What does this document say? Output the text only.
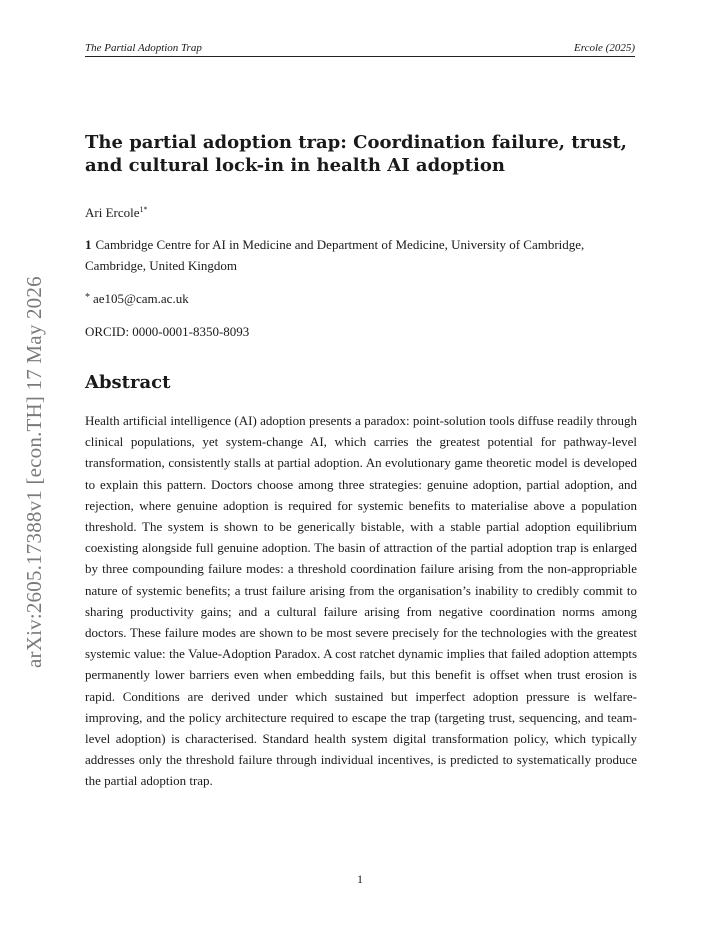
The Partial Adoption Trap	Ercole (2025)
arXiv:2605.17388v1 [econ.TH] 17 May 2026
The partial adoption trap: Coordination failure, trust, and cultural lock-in in health AI adoption
Ari Ercole$^{1*}$
1 Cambridge Centre for AI in Medicine and Department of Medicine, University of Cambridge, Cambridge, United Kingdom
* ae105@cam.ac.uk
ORCID: 0000-0001-8350-8093
Abstract

Health artificial intelligence (AI) adoption presents a paradox: point-solution tools diffuse readily through clinical populations, yet system-change AI, which carries the greatest potential for pathway-level transformation, consistently stalls at partial adoption. An evolutionary game theoretic model is developed to explain this pattern. Doctors choose among three strategies: genuine adoption, partial adoption, and rejection, where genuine adoption is required for systemic benefits to materialise above a population threshold. The system is shown to be generically bistable, with a stable partial adoption equilibrium coexisting alongside full genuine adoption. The basin of attraction of the partial adoption trap is enlarged by three compounding failure modes: a threshold coordination failure arising from the non-appropriable nature of systemic benefits; a trust failure arising from the organisation’s inability to credibly commit to sharing productivity gains; and a cultural failure arising from negative coordination norms among doctors. These failure modes are shown to be most severe precisely for the technologies with the greatest systemic value: the Value-Adoption Paradox. A cost ratchet dynamic implies that failed adoption attempts permanently lower barriers even when embedding fails, but this benefit is offset when trust erosion is rapid. Conditions are derived under which sustained but imperfect adoption pressure is welfare-improving, and the policy architecture required to escape the trap (targeting trust, sequencing, and team-level adoption) is characterised. Standard health system digital transformation policy, which typically addresses only the threshold failure through individual incentives, is predicted to systematically produce the partial adoption trap.

1
